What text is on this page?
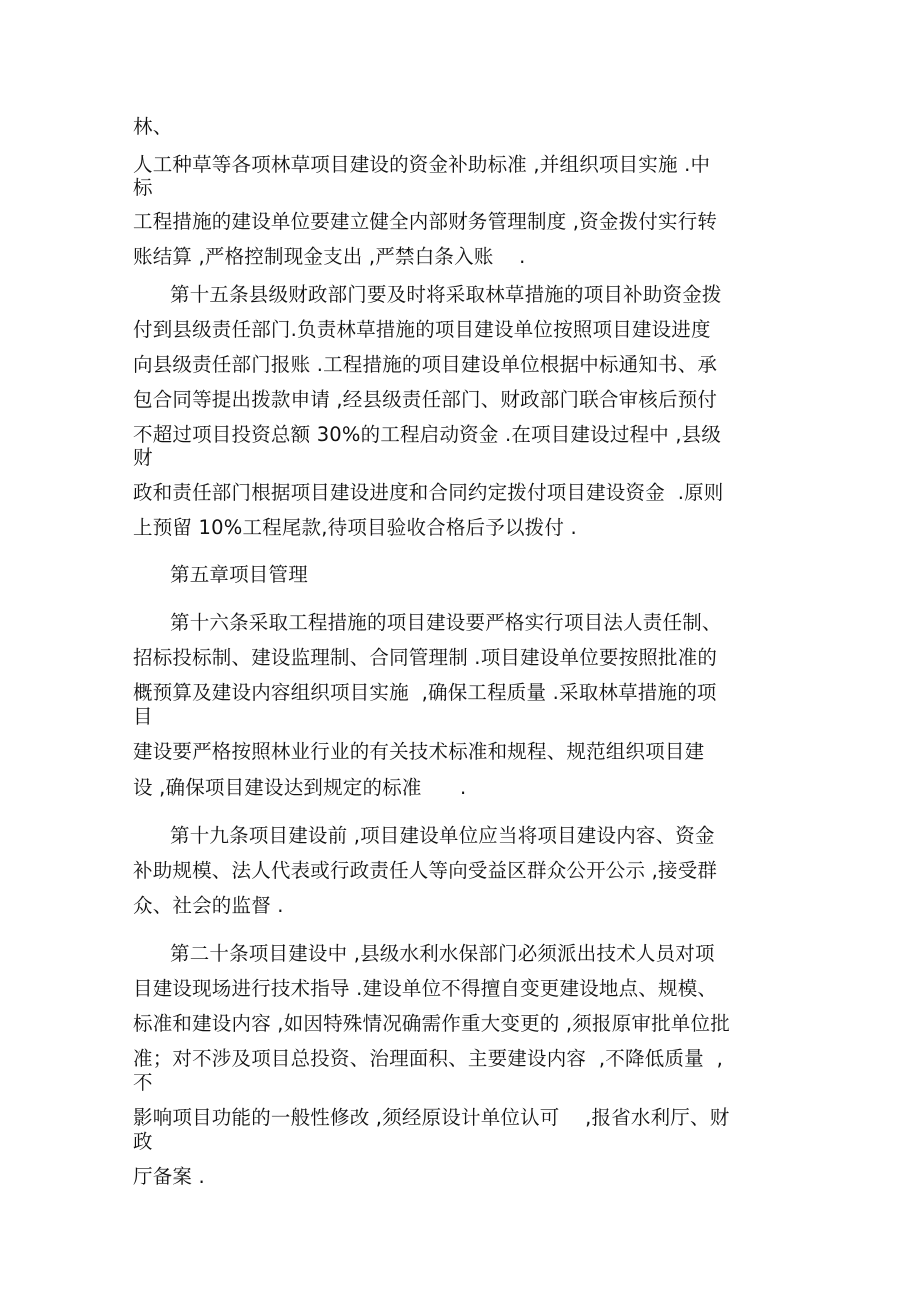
林、
人工种草等各项林草项目建设的资金补助标准 ,并组织项目实施 .中
标
工程措施的建设单位要建立健全内部财务管理制度 ,资金拨付实行转
账结算 ,严格控制现金支出 ,严禁白条入账    .
第十五条县级财政部门要及时将采取林草措施的项目补助资金拨
付到县级责任部门.负责林草措施的项目建设单位按照项目建设进度
向县级责任部门报账 .工程措施的项目建设单位根据中标通知书、承
包合同等提出拨款申请 ,经县级责任部门、财政部门联合审核后预付
不超过项目投资总额 30%的工程启动资金 .在项目建设过程中 ,县级
财
政和责任部门根据项目建设进度和合同约定拨付项目建设资金  .原则
上预留 10%工程尾款,待项目验收合格后予以拨付 .
第五章项目管理
第十六条采取工程措施的项目建设要严格实行项目法人责任制、
招标投标制、建设监理制、合同管理制 .项目建设单位要按照批准的
概预算及建设内容组织项目实施  ,确保工程质量 .采取林草措施的项
目
建设要严格按照林业行业的有关技术标准和规程、规范组织项目建
设 ,确保项目建设达到规定的标准      .
第十九条项目建设前 ,项目建设单位应当将项目建设内容、资金
补助规模、法人代表或行政责任人等向受益区群众公开公示 ,接受群
众、社会的监督 .
第二十条项目建设中 ,县级水利水保部门必须派出技术人员对项
目建设现场进行技术指导 .建设单位不得擅自变更建设地点、规模、
标准和建设内容 ,如因特殊情况确需作重大变更的 ,须报原审批单位批
准；对不涉及项目总投资、治理面积、主要建设内容  ,不降低质量  ,
不
影响项目功能的一般性修改 ,须经原设计单位认可    ,报省水利厅、财
政
厅备案 .
